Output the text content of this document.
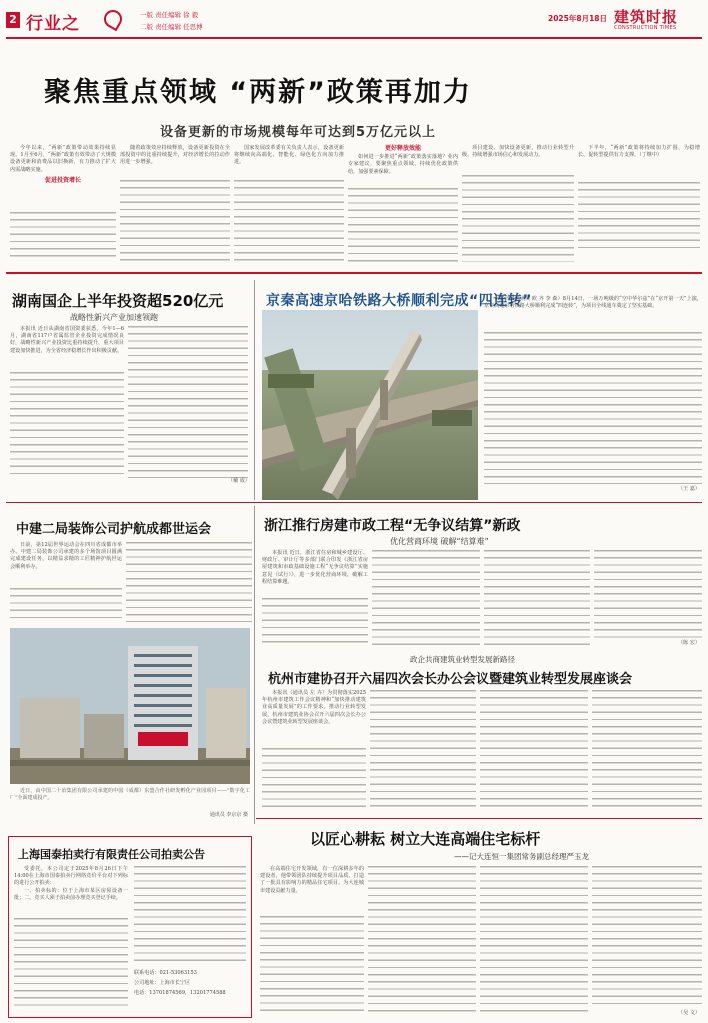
2 行业之	一版 责任编辑 徐 毅
二版 责任编辑 任思博
2025年8月18日 建筑时报
CONSTRUCTION TIMES
聚焦重点领域 “两新”政策再加力
设备更新的市场规模每年可达到5万亿元以上

今年以来，“两新”政策带动效果持续显现。1月至6月，“两新”政策有效带动了大规模设备更新和消费品以旧换新，有力推动了扩大内需战略实施。

促进投资增长

随着政策效应持续释放，设备更新投资在全部投资中的比重持续提升，对经济增长的拉动作用进一步增强。

国家发展改革委有关负责人表示，设备更新将继续向高端化、智能化、绿色化方向加力推进。

更好释放效能

如何进一步推进“两新”政策落实落地？业内专家建议，要聚焦重点领域，持续优化政策供给，加强要素保障。

项目建设、加快设备更新，推动行业转型升级，持续增强市场信心和发展动力。

下半年，“两新”政策将持续加力扩围，为稳增长、促转型提供有力支撑。（丁继中）

湖南国企上半年投资超520亿元
战略性新兴产业加速领跑

本报讯 近日从湖南省国资委获悉，今年1—6月，湖南省117户省属监管企业投资完成情况良好，战略性新兴产业投资比重持续提升，重大项目建设加快推进，为全省经济稳增长作出积极贡献。

（戴 成）
京秦高速京哈铁路大桥顺利完成“四连转”

本报讯（通讯员 欧 齐 李 森）8月14日，一场万吨级的“空中华尔兹”在“京开第一天”上演，京秦高速京哈铁路大桥顺利完成“四连转”，为项目全线通车奠定了坚实基础。

（王 嘉）
中建二局装饰公司护航成都世运会

日前，第12届世界运动会在四川省成都市举办。中建二局装饰公司承建的多个场馆项目圆满完成建设任务，以精益求精的工匠精神护航世运会顺利举办。

近日，由中国二十冶集团有限公司承建的中国（成都）东盟合作社研发孵化产业园项目——“数字化工厂”全面建成投产。

通讯员 李京京 摄
浙江推行房建市政工程“无争议结算”新政
优化营商环境 破解“结算难”

本报讯 近日，浙江省住房和城乡建设厅、财政厅、审计厅等多部门联合印发《浙江省房屋建筑和市政基础设施工程“无争议结算”实施意见（试行）》，进一步优化营商环境，破解工程结算难题。

（陈 宏）
政企共商建筑业转型发展新路径
杭州市建协召开六届四次会长办公会议暨建筑业转型发展座谈会

本报讯（通讯员 左 卉）为贯彻落实2025年杭州市建筑工作会议精神和“加快推动建筑业高质量发展”的工作要求，推动行业转型发展，杭州市建筑业协会召开六届四次会长办公会议暨建筑业转型发展座谈会。

上海国泰拍卖行有限责任公司拍卖公告

受委托，本公司定于2025年8月26日下午14:00在上海市国泰拍卖行网络竞价平台对下列标的进行公开拍卖：

一、拍卖标的：位于上海市某区房屋设备一批；二、竞买人须于拍卖前办理竞买登记手续。

联系电话：021-53063153
公司地址：上海市长宁区
电话：13701874569，13201774588
以匠心耕耘 树立大连高端住宅标杆
——记大连恒一集团常务副总经理严玉龙

在高端住宅开发领域，有一位深耕多年的建设者，他带领团队持续提升项目品质，打造了一批具有影响力的精品住宅项目，为大连城市建设贡献力量。

（吴 文）
